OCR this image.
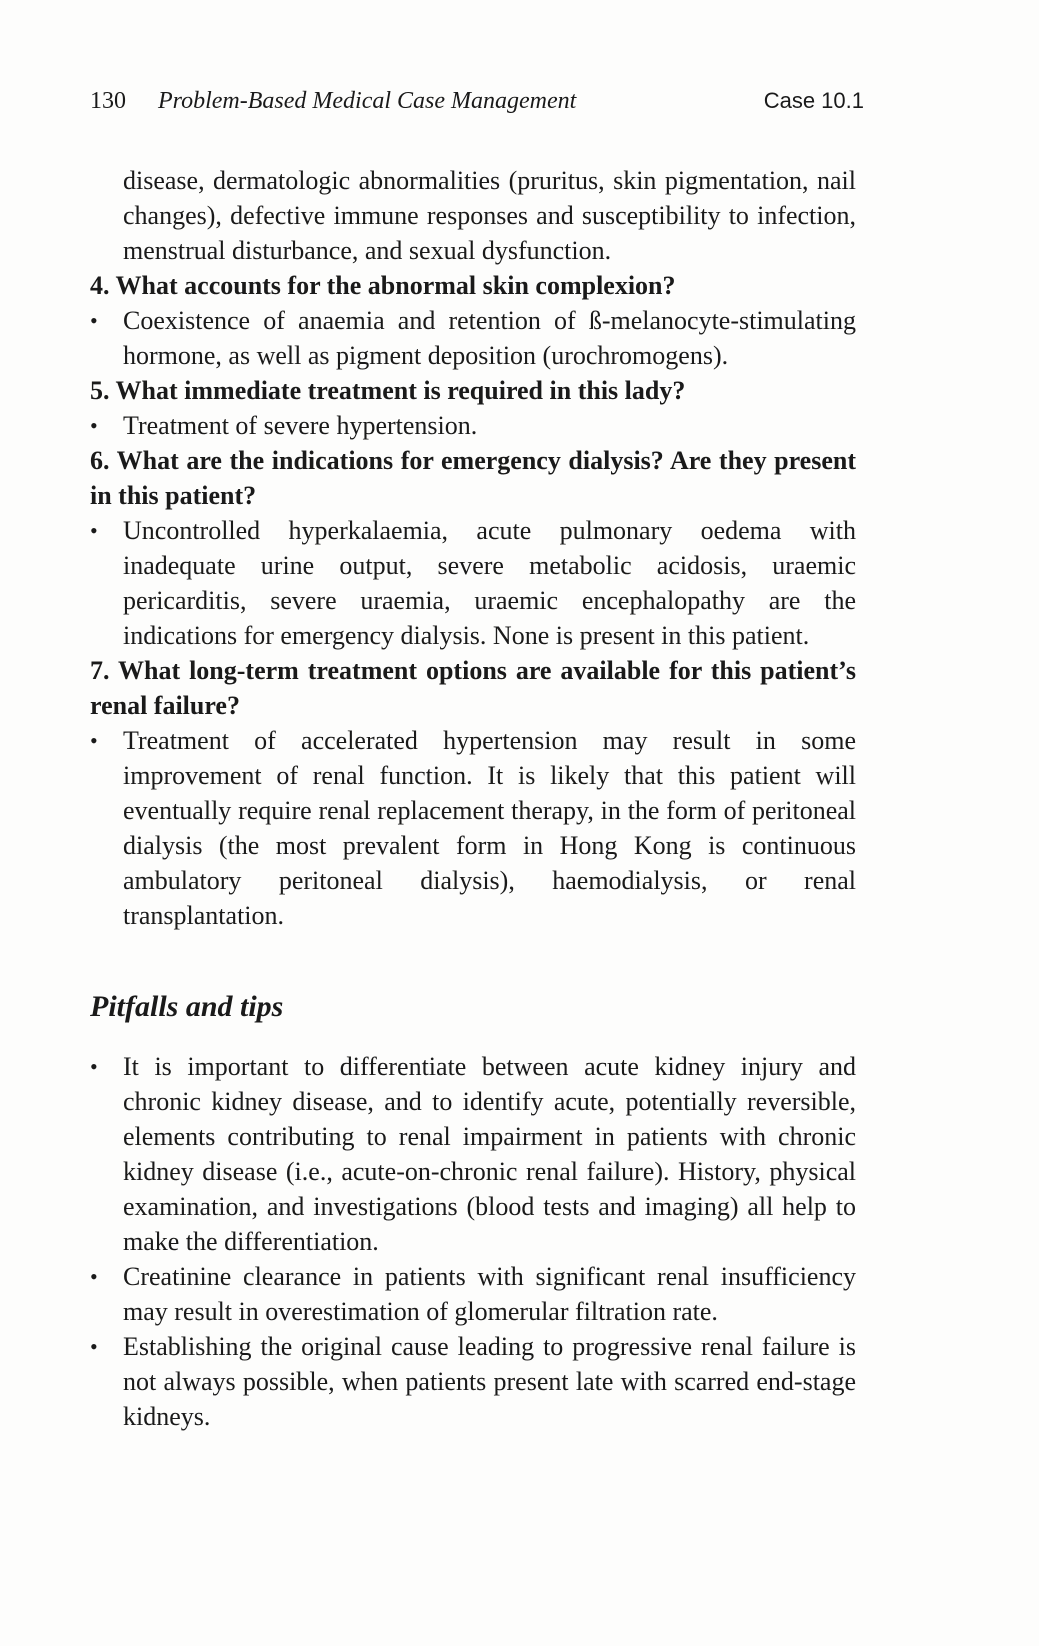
130 Problem-Based Medical Case Management	Case 10.1

disease, dermatologic abnormalities (pruritus, skin pigmentation, nail changes), defective immune responses and susceptibility to infection, menstrual disturbance, and sexual dysfunction.

4. What accounts for the abnormal skin complexion?

• Coexistence of anaemia and retention of ß-melanocyte-stimulating hormone, as well as pigment deposition (urochromogens).

5. What immediate treatment is required in this lady?

• Treatment of severe hypertension.

6. What are the indications for emergency dialysis? Are they present in this patient?

• Uncontrolled hyperkalaemia, acute pulmonary oedema with inadequate urine output, severe metabolic acidosis, uraemic pericarditis, severe uraemia, uraemic encephalopathy are the indications for emergency dialysis. None is present in this patient.

7. What long-term treatment options are available for this patient’s renal failure?

• Treatment of accelerated hypertension may result in some improvement of renal function. It is likely that this patient will eventually require renal replacement therapy, in the form of peritoneal dialysis (the most prevalent form in Hong Kong is continuous ambulatory peritoneal dialysis), haemodialysis, or renal transplantation.
Pitfalls and tips
• It is important to differentiate between acute kidney injury and chronic kidney disease, and to identify acute, potentially reversible, elements contributing to renal impairment in patients with chronic kidney disease (i.e., acute-on-chronic renal failure). History, physical examination, and investigations (blood tests and imaging) all help to make the differentiation.
• Creatinine clearance in patients with significant renal insufficiency may result in overestimation of glomerular filtration rate.
• Establishing the original cause leading to progressive renal failure is not always possible, when patients present late with scarred end-stage kidneys.
